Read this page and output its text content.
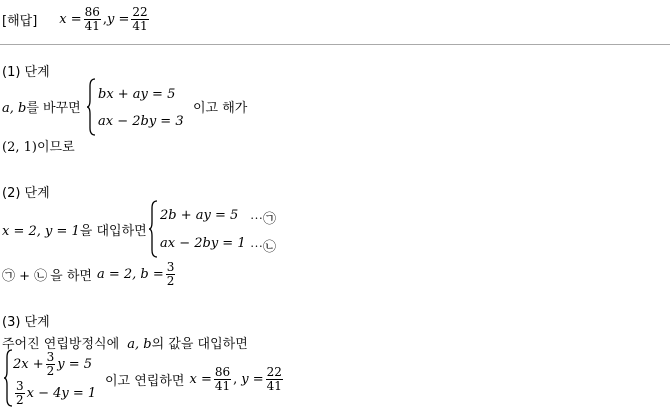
[해답] $x = \frac{86}{41}$ , $y = \frac{22}{41}$
(1) 단계
a, b를 바꾸면
bx + ay = 5
ax − 2by = 3
이고 해가
(2, 1)이므로
(2) 단계
x = 2, y = 1을 대입하면
2b + ay = 5 ⋯㉠
ax − 2by = 1 ⋯㉡
㉠ + ㉡ 을 하면 a = 2, $b = \frac{3}{2}$
(3) 단계
주어진 연립방정식에 a, b의 값을 대입하면
$2x + \frac{3}{2}$ y = 5
$\frac{3}{2}$ x − 4y = 1
이고 연립하면 $x = \frac{86}{41}$ , $y = \frac{22}{41}$
